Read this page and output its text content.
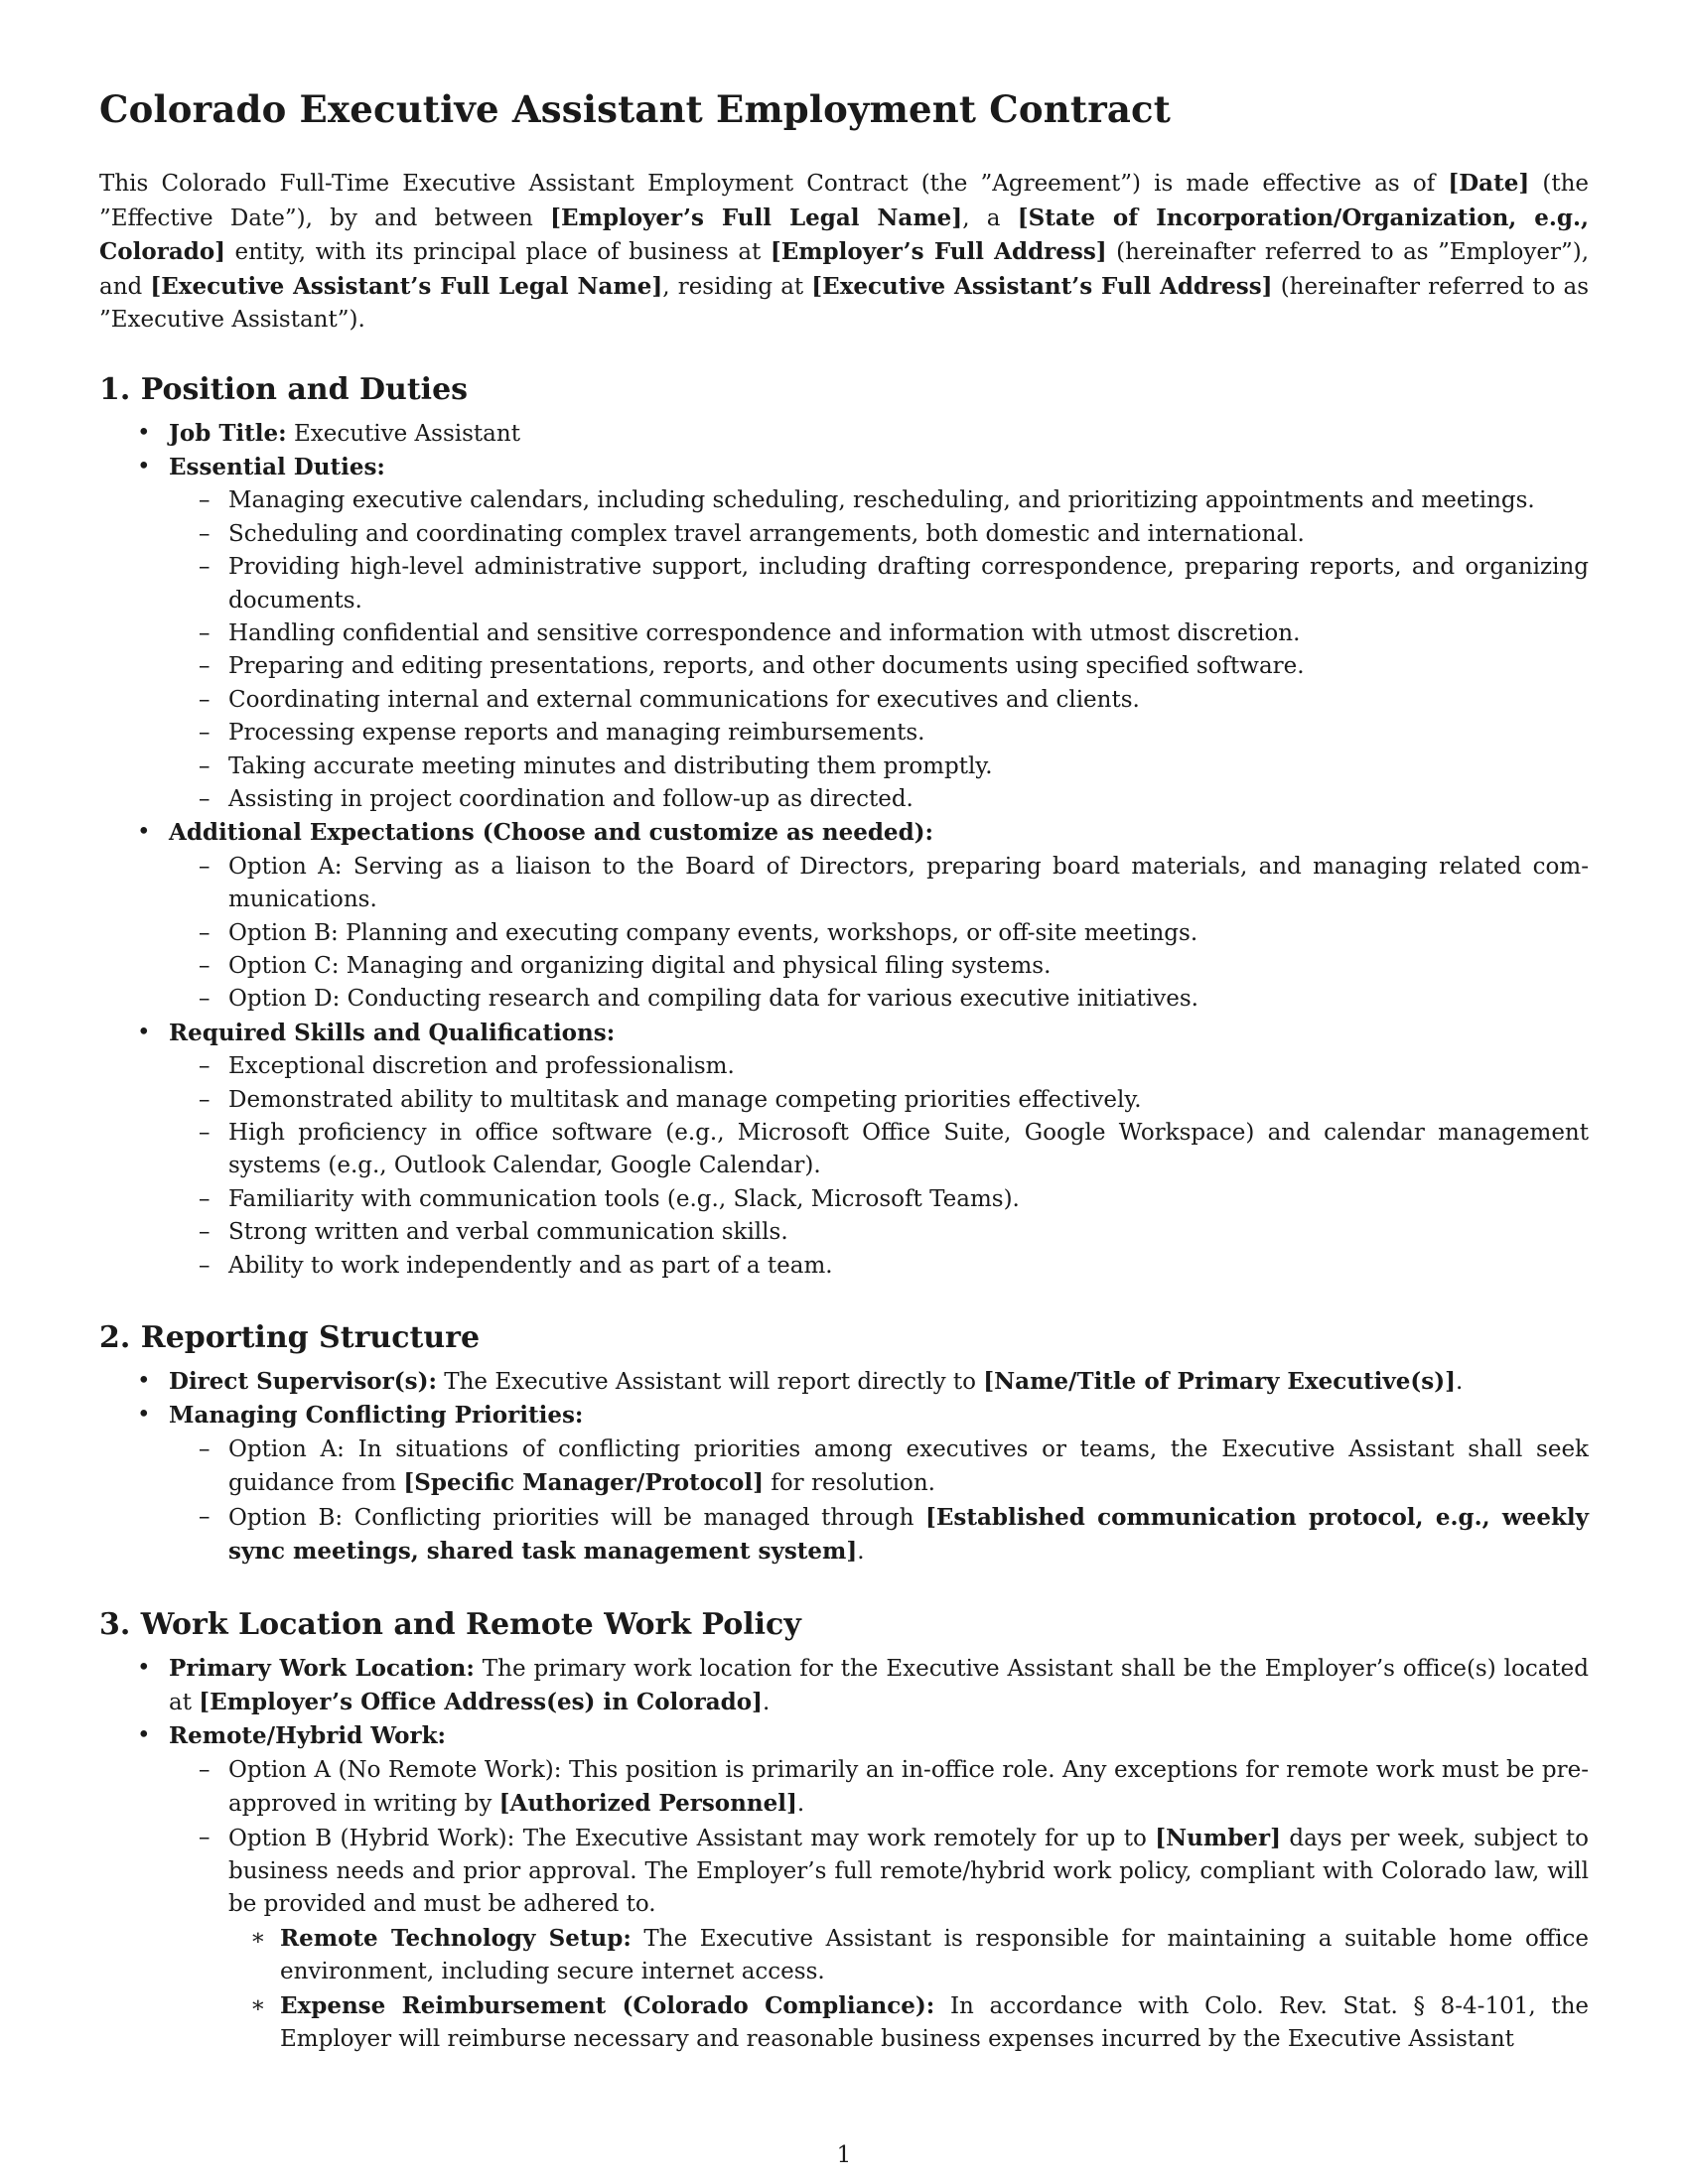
Colorado Executive Assistant Employment Contract

This Colorado Full-Time Executive Assistant Employment Contract (the ”Agreement”) is made effective as of [Date] (the ”Effective Date”), by and between [Employer’s Full Legal Name], a [State of Incorporation/Organization, e.g., Colorado] entity, with its principal place of business at [Employer’s Full Address] (hereinafter referred to as ”Employer”), and [Executive Assistant’s Full Legal Name], residing at [Executive Assistant’s Full Address] (hereinafter referred to as ”Executive Assistant”).

1. Position and Duties
• Job Title: Executive Assistant
• Essential Duties:
– Managing executive calendars, including scheduling, rescheduling, and prioritizing appointments and meetings.
– Scheduling and coordinating complex travel arrangements, both domestic and international.
– Providing high-level administrative support, including drafting correspondence, preparing reports, and organizing documents.
– Handling confidential and sensitive correspondence and information with utmost discretion.
– Preparing and editing presentations, reports, and other documents using specified software.
– Coordinating internal and external communications for executives and clients.
– Processing expense reports and managing reimbursements.
– Taking accurate meeting minutes and distributing them promptly.
– Assisting in project coordination and follow-up as directed.
• Additional Expectations (Choose and customize as needed):
– Option A: Serving as a liaison to the Board of Directors, preparing board materials, and managing related communications.
– Option B: Planning and executing company events, workshops, or off-site meetings.
– Option C: Managing and organizing digital and physical filing systems.
– Option D: Conducting research and compiling data for various executive initiatives.
• Required Skills and Qualifications:
– Exceptional discretion and professionalism.
– Demonstrated ability to multitask and manage competing priorities effectively.
– High proficiency in office software (e.g., Microsoft Office Suite, Google Workspace) and calendar management systems (e.g., Outlook Calendar, Google Calendar).
– Familiarity with communication tools (e.g., Slack, Microsoft Teams).
– Strong written and verbal communication skills.
– Ability to work independently and as part of a team.
2. Reporting Structure
• Direct Supervisor(s): The Executive Assistant will report directly to [Name/Title of Primary Executive(s)].
• Managing Conflicting Priorities:
– Option A: In situations of conflicting priorities among executives or teams, the Executive Assistant shall seek guidance from [Specific Manager/Protocol] for resolution.
– Option B: Conflicting priorities will be managed through [Established communication protocol, e.g., weekly sync meetings, shared task management system].
3. Work Location and Remote Work Policy
• Primary Work Location: The primary work location for the Executive Assistant shall be the Employer’s office(s) located at [Employer’s Office Address(es) in Colorado].
• Remote/Hybrid Work:
– Option A (No Remote Work): This position is primarily an in-office role. Any exceptions for remote work must be pre-approved in writing by [Authorized Personnel].
– Option B (Hybrid Work): The Executive Assistant may work remotely for up to [Number] days per week, subject to business needs and prior approval. The Employer’s full remote/hybrid work policy, compliant with Colorado law, will be provided and must be adhered to.
∗ Remote Technology Setup: The Executive Assistant is responsible for maintaining a suitable home office environment, including secure internet access.
∗ Expense Reimbursement (Colorado Compliance): In accordance with Colo. Rev. Stat. § 8-4-101, the Employer will reimburse necessary and reasonable business expenses incurred by the Executive Assistant
1
